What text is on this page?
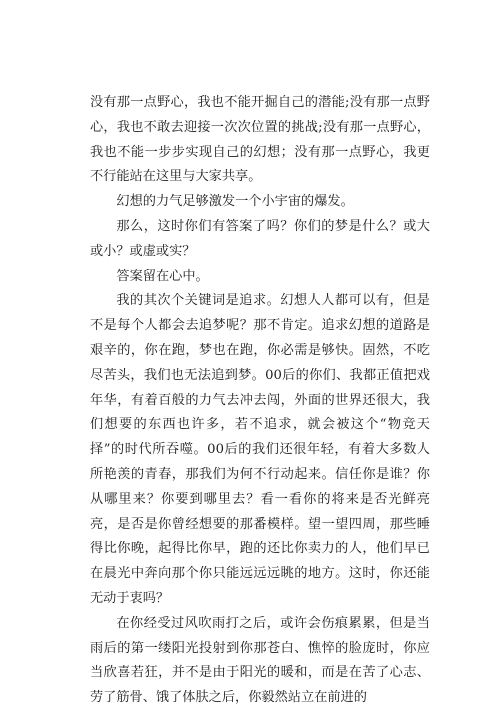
没有那一点野心，我也不能开掘自己的潜能;没有那一点野心，我也不敢去迎接一次次位置的挑战;没有那一点野心，我也不能一步步实现自己的幻想；没有那一点野心，我更不行能站在这里与大家共享。

幻想的力气足够激发一个小宇宙的爆发。

那么，这时你们有答案了吗？你们的梦是什么？或大或小？或虚或实？

答案留在心中。

我的其次个关键词是追求。幻想人人都可以有，但是不是每个人都会去追梦呢？那不肯定。追求幻想的道路是艰辛的，你在跑，梦也在跑，你必需是够快。固然，不吃尽苦头，我们也无法追到梦。00后的你们、我都正值把戏年华，有着百般的力气去冲去闯，外面的世界还很大，我们想要的东西也许多，若不追求，就会被这个“物竞天择”的时代所吞噬。00后的我们还很年轻，有着大多数人所艳羡的青春，那我们为何不行动起来。信任你是谁？你从哪里来？你要到哪里去？看一看你的将来是否光鲜亮亮，是否是你曾经想要的那番模样。望一望四周，那些睡得比你晚，起得比你早，跑的还比你卖力的人，他们早已在晨光中奔向那个你只能远远远眺的地方。这时，你还能无动于衷吗？

在你经受过风吹雨打之后，或许会伤痕累累，但是当雨后的第一缕阳光投射到你那苍白、憔悴的脸庞时，你应当欣喜若狂，并不是由于阳光的暖和，而是在苦了心志、劳了筋骨、饿了体肤之后，你毅然站立在前进的
